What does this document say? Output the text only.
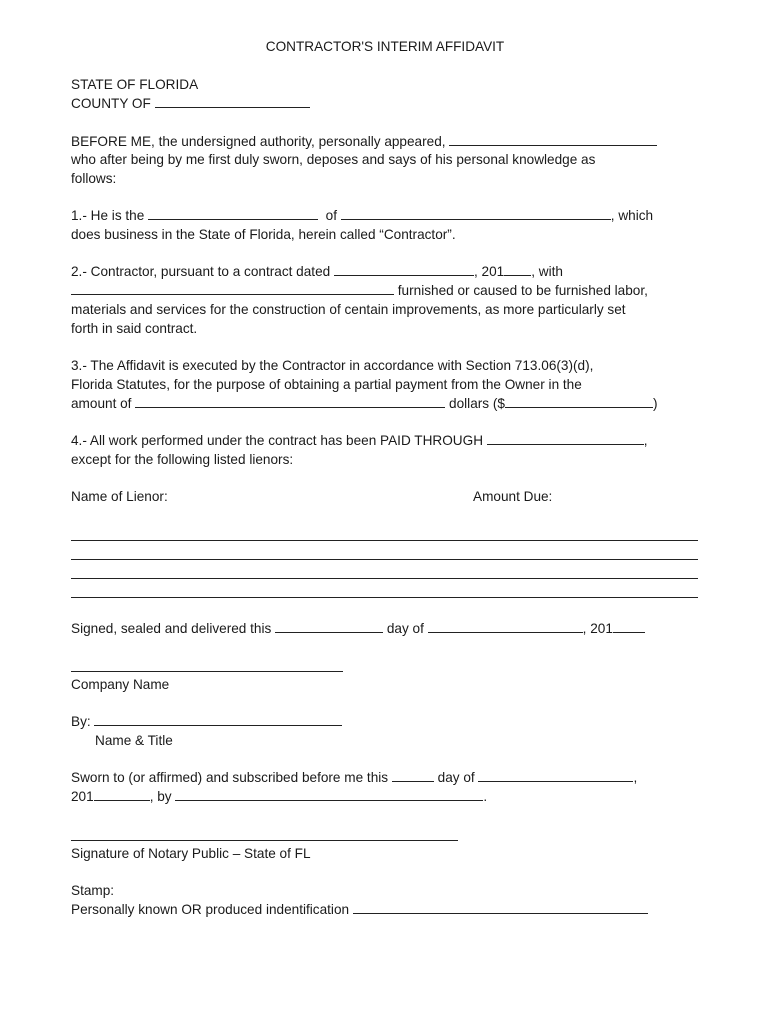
CONTRACTOR'S INTERIM AFFIDAVIT
STATE OF FLORIDA
COUNTY OF
BEFORE ME, the undersigned authority, personally appeared,
who after being by me first duly sworn, deposes and says of his personal knowledge as
follows:
1.- He is the	of	, which
does business in the State of Florida, herein called “Contractor”.
2.- Contractor, pursuant to a contract dated	, 201 , with
furnished or caused to be furnished labor,
materials and services for the construction of centain improvements, as more particularly set
forth in said contract.
3.- The Affidavit is executed by the Contractor in accordance with Section 713.06(3)(d),
Florida Statutes, for the purpose of obtaining a partial payment from the Owner in the
amount of	dollars ($	)
4.- All work performed under the contract has been PAID THROUGH	,
except for the following listed lienors:
Name of Lienor:	Amount Due:
Signed, sealed and delivered this	day of	, 201
Company Name
By:
Name & Title
Sworn to (or affirmed) and subscribed before me this	day of	,
201	, by	.
Signature of Notary Public – State of FL
Stamp:
Personally known OR produced indentification
